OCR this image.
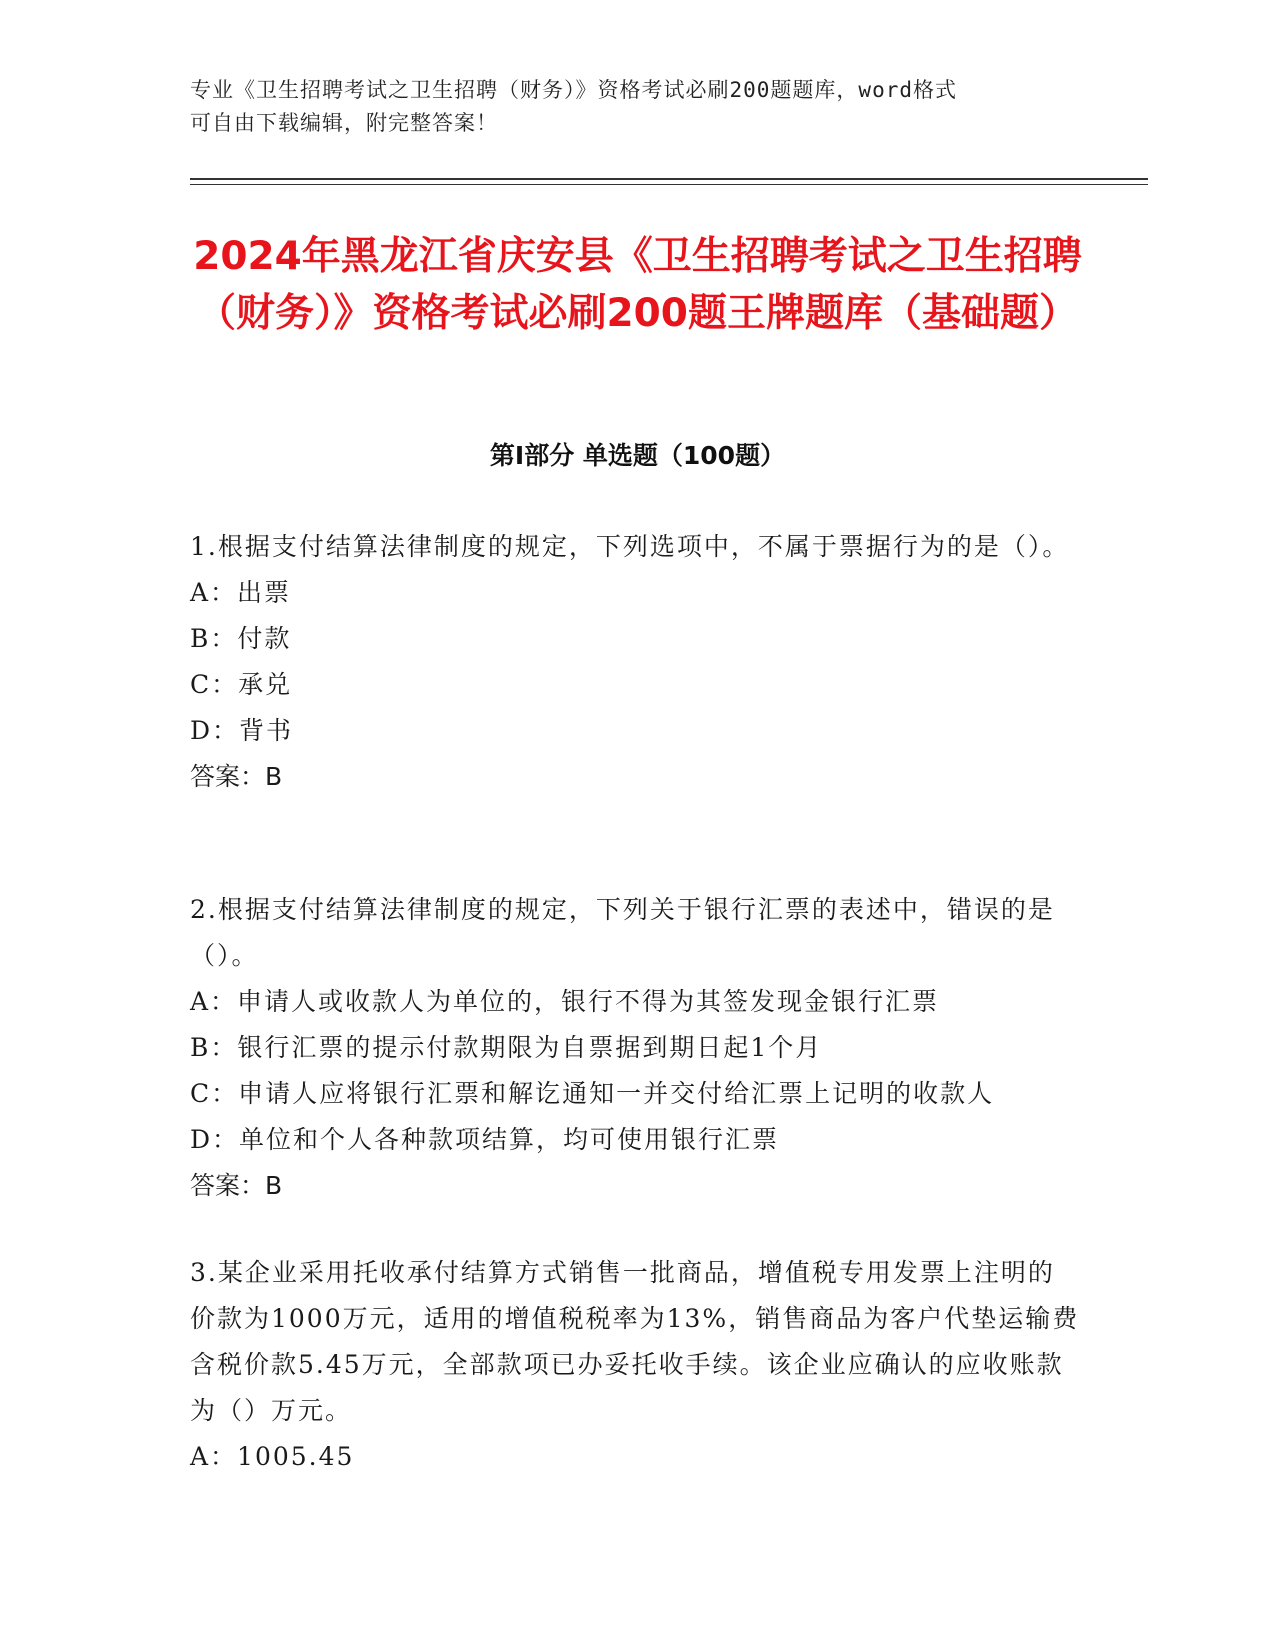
专业《卫生招聘考试之卫生招聘（财务）》资格考试必刷200题题库，word格式
可自由下载编辑，附完整答案！
2024年黑龙江省庆安县《卫生招聘考试之卫生招聘（财务）》资格考试必刷200题王牌题库（基础题）
第Ⅰ部分 单选题（100题）

1.根据支付结算法律制度的规定，下列选项中，不属于票据行为的是（）。

A：出票

B：付款

C：承兑

D：背书

答案：B

2.根据支付结算法律制度的规定，下列关于银行汇票的表述中，错误的是（）。

A：申请人或收款人为单位的，银行不得为其签发现金银行汇票

B：银行汇票的提示付款期限为自票据到期日起1个月

C：申请人应将银行汇票和解讫通知一并交付给汇票上记明的收款人

D：单位和个人各种款项结算，均可使用银行汇票

答案：B

3.某企业采用托收承付结算方式销售一批商品，增值税专用发票上注明的价款为1000万元，适用的增值税税率为13%，销售商品为客户代垫运输费含税价款5.45万元，全部款项已办妥托收手续。该企业应确认的应收账款为（）万元。

A：1005.45
